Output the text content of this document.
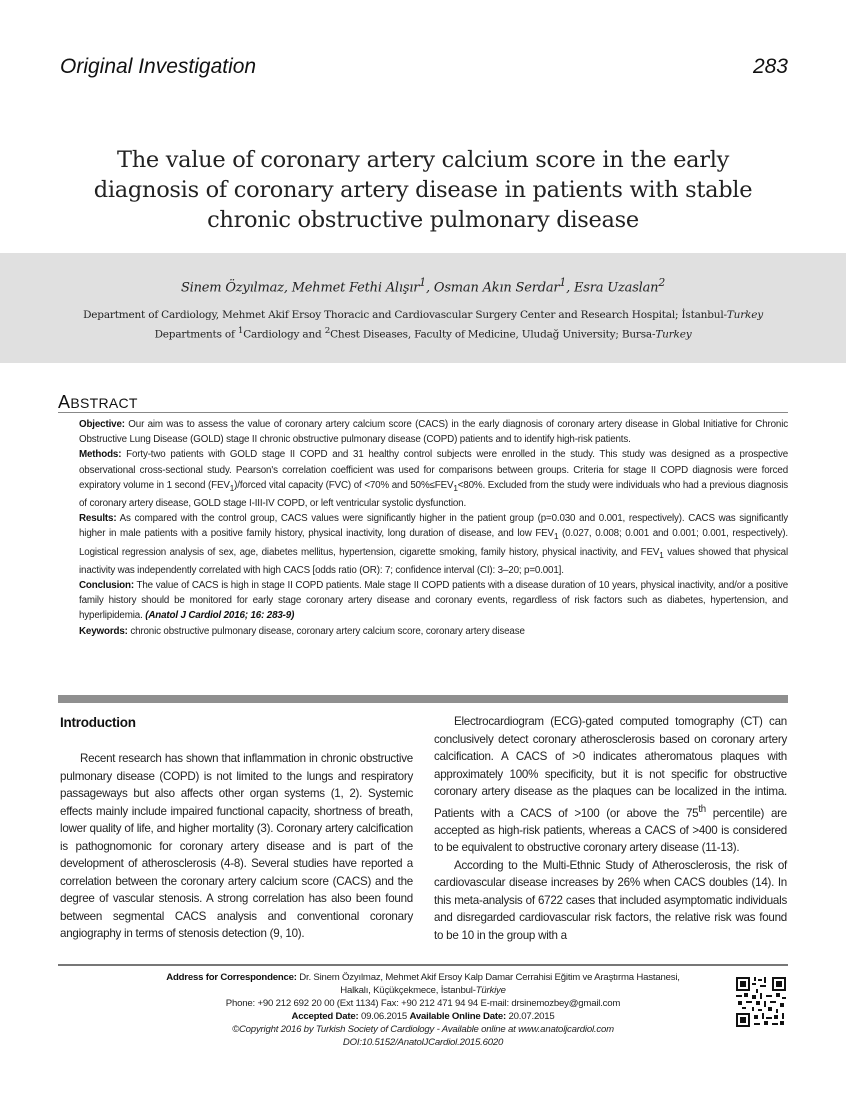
Original Investigation	283
The value of coronary artery calcium score in the early diagnosis of coronary artery disease in patients with stable chronic obstructive pulmonary disease
Sinem Özyılmaz, Mehmet Fethi Alışır$^1$, Osman Akın Serdar$^1$, Esra Uzaslan$^2$
Department of Cardiology, Mehmet Akif Ersoy Thoracic and Cardiovascular Surgery Center and Research Hospital; İstanbul-Turkey
Departments of $^1$Cardiology and $^2$Chest Diseases, Faculty of Medicine, Uludağ University; Bursa-Turkey
ABSTRACT

Objective: Our aim was to assess the value of coronary artery calcium score (CACS) in the early diagnosis of coronary artery disease in Global Initiative for Chronic Obstructive Lung Disease (GOLD) stage II chronic obstructive pulmonary disease (COPD) patients and to identify high-risk patients.

Methods: Forty-two patients with GOLD stage II COPD and 31 healthy control subjects were enrolled in the study. This study was designed as a prospective observational cross-sectional study. Pearson's correlation coefficient was used for comparisons between groups. Criteria for stage II COPD diagnosis were forced expiratory volume in 1 second $(FEV_1)$/forced vital capacity (FVC) of <70% and $50\%\le FEV_1<80\%$. Excluded from the study were individuals who had a previous diagnosis of coronary artery disease, GOLD stage I-III-IV COPD, or left ventricular systolic dysfunction.

Results: As compared with the control group, CACS values were significantly higher in the patient group (p=0.030 and 0.001, respectively). CACS was significantly higher in male patients with a positive family history, physical inactivity, long duration of disease, and low $FEV_1$ (0.027, 0.008; 0.001 and 0.001; 0.001, respectively). Logistical regression analysis of sex, age, diabetes mellitus, hypertension, cigarette smoking, family history, physical inactivity, and $FEV_1$ values showed that physical inactivity was independently correlated with high CACS [odds ratio (OR): 7; confidence interval (CI): 3–20; p=0.001].

Conclusion: The value of CACS is high in stage II COPD patients. Male stage II COPD patients with a disease duration of 10 years, physical inactivity, and/or a positive family history should be monitored for early stage coronary artery disease and coronary events, regardless of risk factors such as diabetes, hypertension, and hyperlipidemia. (Anatol J Cardiol 2016; 16: 283-9)

Keywords: chronic obstructive pulmonary disease, coronary artery calcium score, coronary artery disease

Introduction

Recent research has shown that inflammation in chronic obstructive pulmonary disease (COPD) is not limited to the lungs and respiratory passageways but also affects other organ systems (1, 2). Systemic effects mainly include impaired functional capacity, shortness of breath, lower quality of life, and higher mortality (3). Coronary artery calcification is pathognomonic for coronary artery disease and is part of the development of atherosclerosis (4-8). Several studies have reported a correlation between the coronary artery calcium score (CACS) and the degree of vascular stenosis. A strong correlation has also been found between segmental CACS analysis and conventional coronary angiography in terms of stenosis detection (9, 10).

Electrocardiogram (ECG)-gated computed tomography (CT) can conclusively detect coronary atherosclerosis based on coronary artery calcification. A CACS of >0 indicates atheromatous plaques with approximately 100% specificity, but it is not specific for obstructive coronary artery disease as the plaques can be localized in the intima. Patients with a CACS of >100 (or above the 75th percentile) are accepted as high-risk patients, whereas a CACS of >400 is considered to be equivalent to obstructive coronary artery disease (11-13).

According to the Multi-Ethnic Study of Atherosclerosis, the risk of cardiovascular disease increases by 26% when CACS doubles (14). In this meta-analysis of 6722 cases that included asymptomatic individuals and disregarded cardiovascular risk factors, the relative risk was found to be 10 in the group with a

Address for Correspondence: Dr. Sinem Özyılmaz, Mehmet Akif Ersoy Kalp Damar Cerrahisi Eğitim ve Araştırma Hastanesi,
Halkalı, Küçükçekmece, İstanbul-Türkiye
Phone: +90 212 692 20 00 (Ext 1134) Fax: +90 212 471 94 94 E-mail: drsinemozbey@gmail.com
Accepted Date: 09.06.2015 Available Online Date: 20.07.2015
©Copyright 2016 by Turkish Society of Cardiology - Available online at www.anatoljcardiol.com
DOI:10.5152/AnatolJCardiol.2015.6020
